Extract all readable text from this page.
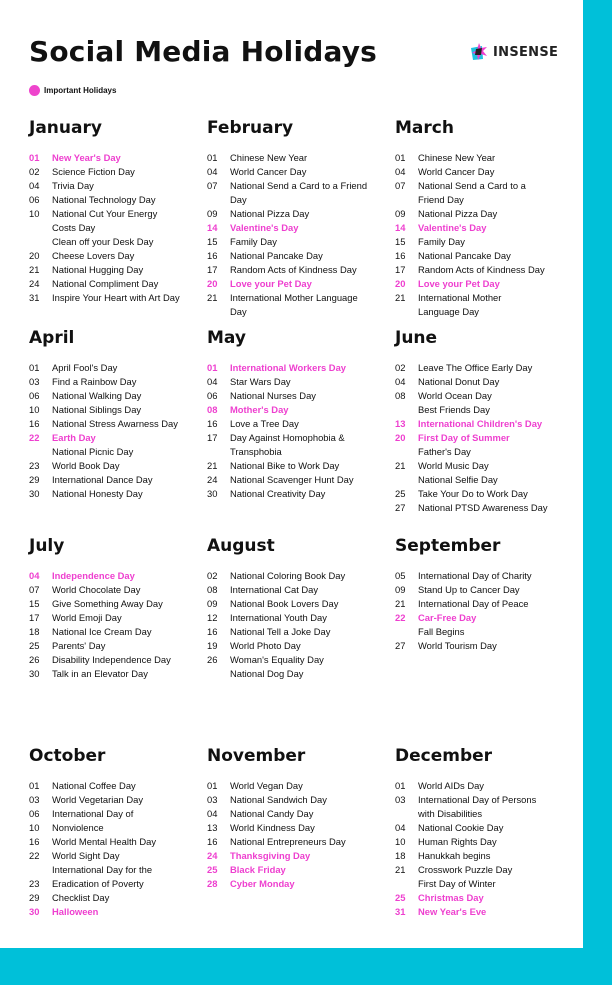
Social Media Holidays	INSENSE
Important Holidays
January
01	New Year's Day
02	Science Fiction Day
04	Trivia Day
06	National Technology Day
10	National Cut Your Energy
Costs Day
Clean off your Desk Day
20	Cheese Lovers Day
21	National Hugging Day
24	National Compliment Day
31	Inspire Your Heart with Art Day
February
01	Chinese New Year
04	World Cancer Day
07	National Send a Card to a Friend
Day
09	National Pizza Day
14	Valentine's Day
15	Family Day
16	National Pancake Day
17	Random Acts of Kindness Day
20	Love your Pet Day
21	International Mother Language
Day
March
01	Chinese New Year
04	World Cancer Day
07	National Send a Card to a
Friend Day
09	National Pizza Day
14	Valentine's Day
15	Family Day
16	National Pancake Day
17	Random Acts of Kindness Day
20	Love your Pet Day
21	International Mother
Language Day
April
01	April Fool's Day
03	Find a Rainbow Day
06	National Walking Day
10	National Siblings Day
16	National Stress Awarness Day
22	Earth Day
National Picnic Day
23	World Book Day
29	International Dance Day
30	National Honesty Day
May
01	International Workers Day
04	Star Wars Day
06	National Nurses Day
08	Mother's Day
16	Love a Tree Day
17	Day Against Homophobia &
Transphobia
21	National Bike to Work Day
24	National Scavenger Hunt Day
30	National Creativity Day
June
02	Leave The Office Early Day
04	National Donut Day
08	World Ocean Day
Best Friends Day
13	International Children's Day
20	First Day of Summer
Father's Day
21	World Music Day
National Selfie Day
25	Take Your Do to Work Day
27	National PTSD Awareness Day
July
04	Independence Day
07	World Chocolate Day
15	Give Something Away Day
17	World Emoji Day
18	National Ice Cream Day
25	Parents' Day
26	Disability Independence Day
30	Talk in an Elevator Day
August
02	National Coloring Book Day
08	International Cat Day
09	National Book Lovers Day
12	International Youth Day
16	National Tell a Joke Day
19	World Photo Day
26	Woman's Equality Day
National Dog Day
September
05	International Day of Charity
09	Stand Up to Cancer Day
21	International Day of Peace
22	Car-Free Day
Fall Begins
27	World Tourism Day
October
01	National Coffee Day
03	World Vegetarian Day
06	International Day of
10	Nonviolence
16	World Mental Health Day
22	World Sight Day
International Day for the
23	Eradication of Poverty
29	Checklist Day
30	Halloween
November
01	World Vegan Day
03	National Sandwich Day
04	National Candy Day
13	World Kindness Day
16	National Entrepreneurs Day
24	Thanksgiving Day
25	Black Friday
28	Cyber Monday
December
01	World AIDs Day
03	International Day of Persons
with Disabilities
04	National Cookie Day
10	Human Rights Day
18	Hanukkah begins
21	Crosswork Puzzle Day
First Day of Winter
25	Christmas Day
31	New Year's Eve
